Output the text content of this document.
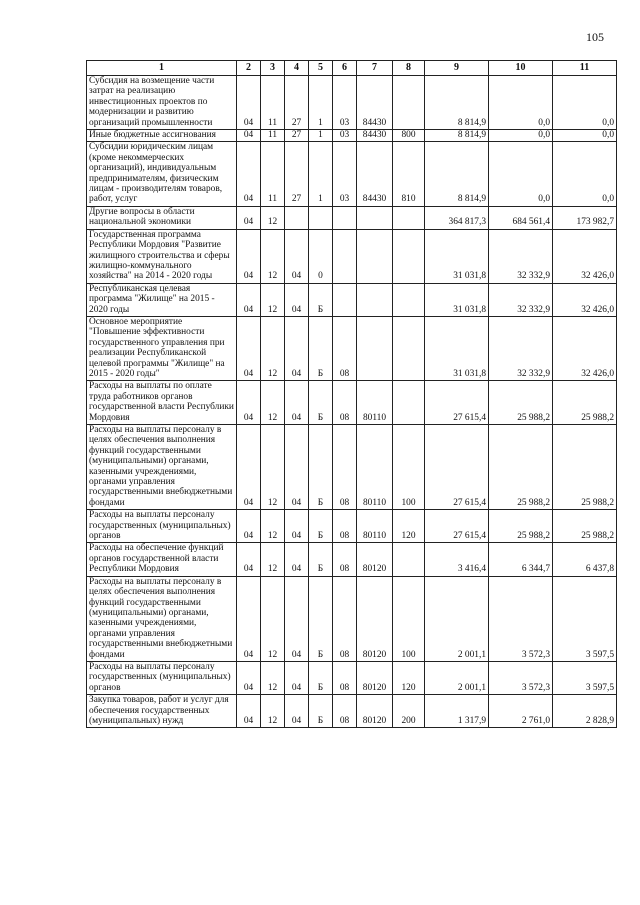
105
1	2	3	4	5	6	7	8	9	10	11
Субсидия на возмещение части затрат на реализацию инвестиционных проектов по модернизации и развитию организаций промышленности	04	11	27	1	03	84430		8 814,9	0,0	0,0
Иные бюджетные ассигнования	04	11	27	1	03	84430	800	8 814,9	0,0	0,0
Субсидии юридическим лицам (кроме некоммерческих организаций), индивидуальным предпринимателям, физическим лицам - производителям товаров, работ, услуг	04	11	27	1	03	84430	810	8 814,9	0,0	0,0
Другие вопросы в области национальной экономики	04	12						364 817,3	684 561,4	173 982,7
Государственная программа Республики Мордовия "Развитие жилищного строительства и сферы жилищно-коммунального хозяйства" на 2014 - 2020 годы	04	12	04	0				31 031,8	32 332,9	32 426,0
Республиканская целевая программа "Жилище" на 2015 - 2020 годы	04	12	04	Б				31 031,8	32 332,9	32 426,0
Основное мероприятие "Повышение эффективности государственного управления при реализации Республиканской целевой программы "Жилище" на 2015 - 2020 годы"	04	12	04	Б	08			31 031,8	32 332,9	32 426,0
Расходы на выплаты по оплате труда работников органов государственной власти Республики Мордовия	04	12	04	Б	08	80110		27 615,4	25 988,2	25 988,2
Расходы на выплаты персоналу в целях обеспечения выполнения функций государственными (муниципальными) органами, казенными учреждениями, органами управления государственными внебюджетными фондами	04	12	04	Б	08	80110	100	27 615,4	25 988,2	25 988,2
Расходы на выплаты персоналу государственных (муниципальных) органов	04	12	04	Б	08	80110	120	27 615,4	25 988,2	25 988,2
Расходы на обеспечение функций органов государственной власти Республики Мордовия	04	12	04	Б	08	80120		3 416,4	6 344,7	6 437,8
Расходы на выплаты персоналу в целях обеспечения выполнения функций государственными (муниципальными) органами, казенными учреждениями, органами управления государственными внебюджетными фондами	04	12	04	Б	08	80120	100	2 001,1	3 572,3	3 597,5
Расходы на выплаты персоналу государственных (муниципальных) органов	04	12	04	Б	08	80120	120	2 001,1	3 572,3	3 597,5
Закупка товаров, работ и услуг для обеспечения государственных (муниципальных) нужд	04	12	04	Б	08	80120	200	1 317,9	2 761,0	2 828,9
